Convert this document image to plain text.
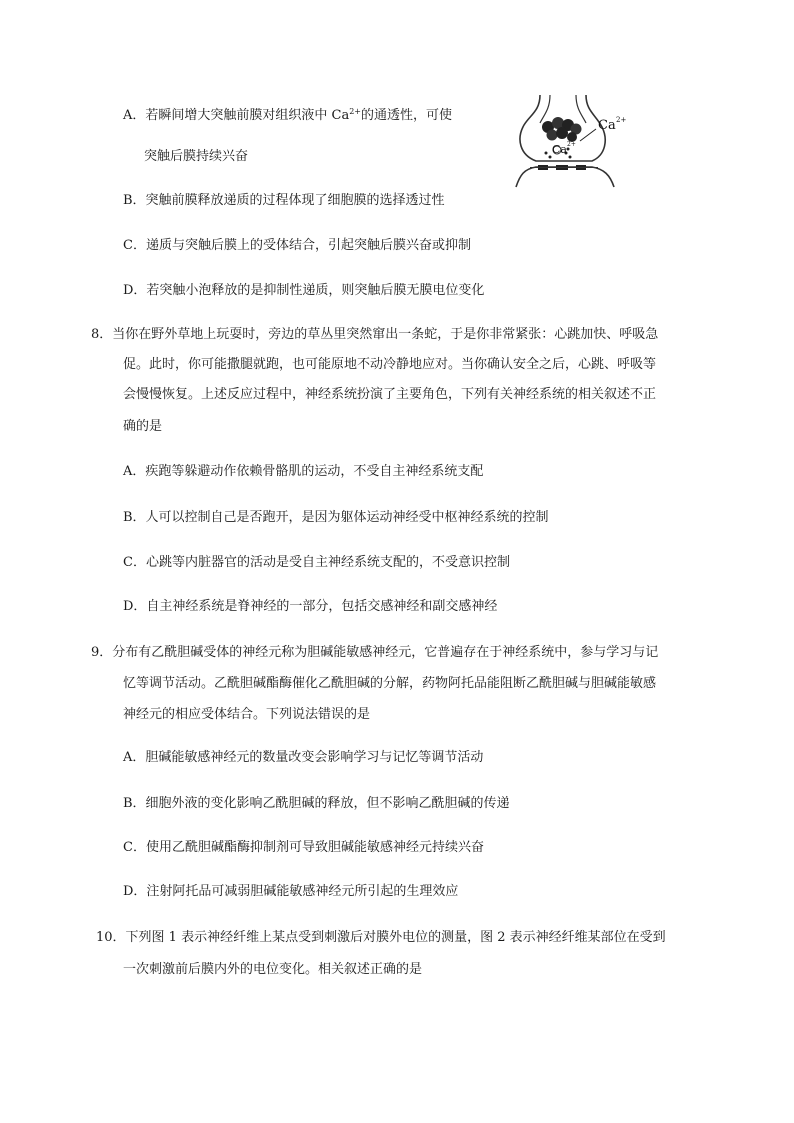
A．若瞬间增大突触前膜对组织液中 $Ca^{2+}$的通透性，可使
突触后膜持续兴奋
B．突触前膜释放递质的过程体现了细胞膜的选择透过性
C．递质与突触后膜上的受体结合，引起突触后膜兴奋或抑制
D．若突触小泡释放的是抑制性递质，则突触后膜无膜电位变化
Ca 2+
Ca 2+
8．当你在野外草地上玩耍时，旁边的草丛里突然窜出一条蛇，于是你非常紧张：心跳加快、呼吸急
促。此时，你可能撒腿就跑，也可能原地不动冷静地应对。当你确认安全之后，心跳、呼吸等
会慢慢恢复。上述反应过程中，神经系统扮演了主要角色，下列有关神经系统的相关叙述不正
确的是
A．疾跑等躲避动作依赖骨骼肌的运动，不受自主神经系统支配
B．人可以控制自己是否跑开，是因为躯体运动神经受中枢神经系统的控制
C．心跳等内脏器官的活动是受自主神经系统支配的，不受意识控制
D．自主神经系统是脊神经的一部分，包括交感神经和副交感神经
9．分布有乙酰胆碱受体的神经元称为胆碱能敏感神经元，它普遍存在于神经系统中，参与学习与记
忆等调节活动。乙酰胆碱酯酶催化乙酰胆碱的分解，药物阿托品能阻断乙酰胆碱与胆碱能敏感
神经元的相应受体结合。下列说法错误的是
A．胆碱能敏感神经元的数量改变会影响学习与记忆等调节活动
B．细胞外液的变化影响乙酰胆碱的释放，但不影响乙酰胆碱的传递
C．使用乙酰胆碱酯酶抑制剂可导致胆碱能敏感神经元持续兴奋
D．注射阿托品可减弱胆碱能敏感神经元所引起的生理效应
10．下列图 1 表示神经纤维上某点受到刺激后对膜外电位的测量，图 2 表示神经纤维某部位在受到
一次刺激前后膜内外的电位变化。相关叙述正确的是
